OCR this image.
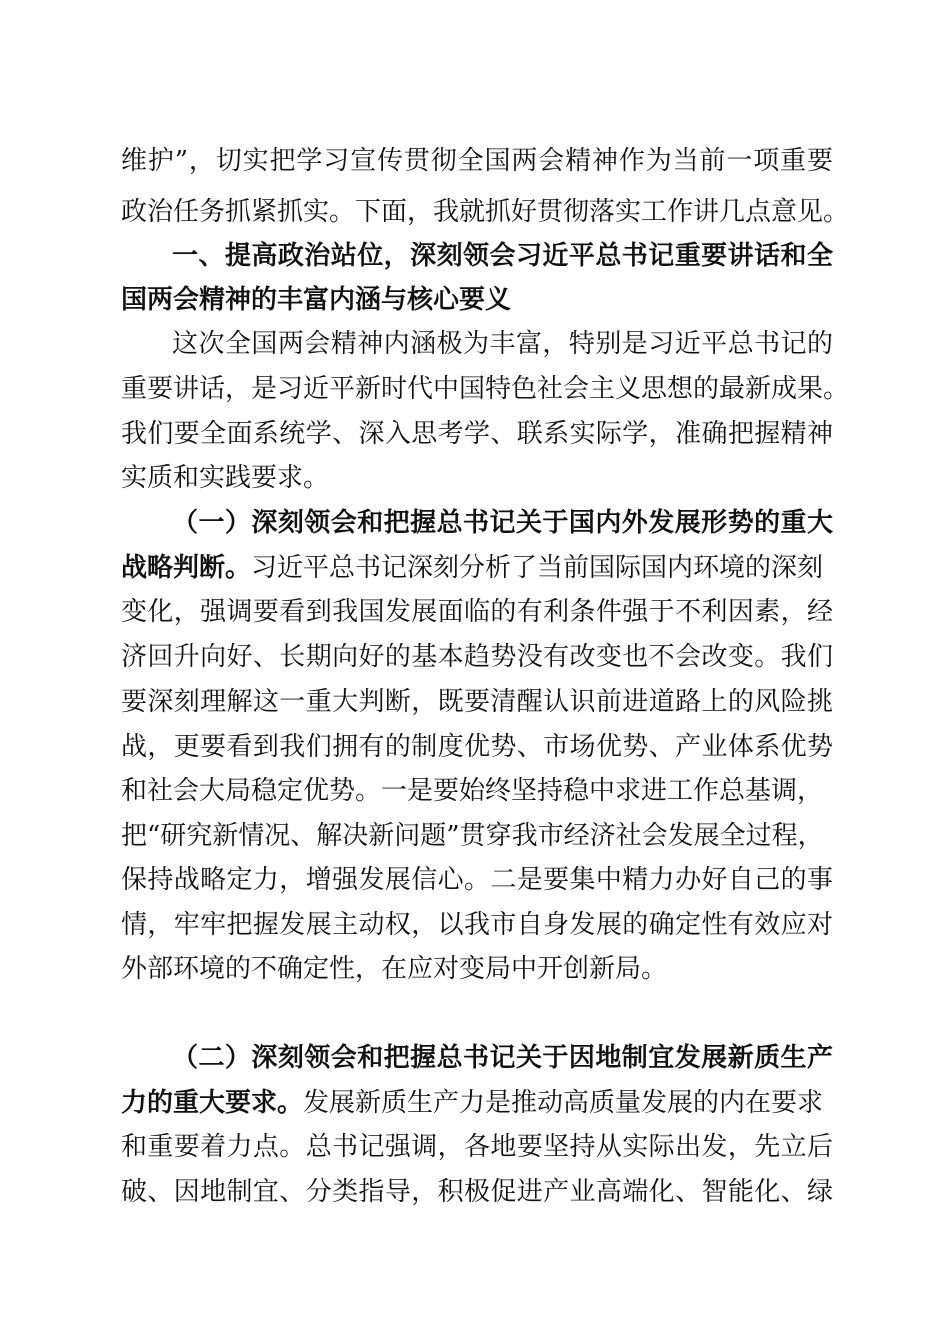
维护”，切实把学习宣传贯彻全国两会精神作为当前一项重要
政治任务抓紧抓实。下面，我就抓好贯彻落实工作讲几点意见。
一、提高政治站位，深刻领会习近平总书记重要讲话和全
国两会精神的丰富内涵与核心要义
这次全国两会精神内涵极为丰富，特别是习近平总书记的
重要讲话，是习近平新时代中国特色社会主义思想的最新成果。
我们要全面系统学、深入思考学、联系实际学，准确把握精神
实质和实践要求。
（一）深刻领会和把握总书记关于国内外发展形势的重大
战略判断。习近平总书记深刻分析了当前国际国内环境的深刻
变化，强调要看到我国发展面临的有利条件强于不利因素，经
济回升向好、长期向好的基本趋势没有改变也不会改变。我们
要深刻理解这一重大判断，既要清醒认识前进道路上的风险挑
战，更要看到我们拥有的制度优势、市场优势、产业体系优势
和社会大局稳定优势。一是要始终坚持稳中求进工作总基调，
把“研究新情况、解决新问题”贯穿我市经济社会发展全过程，
保持战略定力，增强发展信心。二是要集中精力办好自己的事
情，牢牢把握发展主动权，以我市自身发展的确定性有效应对
外部环境的不确定性，在应对变局中开创新局。
（二）深刻领会和把握总书记关于因地制宜发展新质生产
力的重大要求。发展新质生产力是推动高质量发展的内在要求
和重要着力点。总书记强调，各地要坚持从实际出发，先立后
破、因地制宜、分类指导，积极促进产业高端化、智能化、绿
